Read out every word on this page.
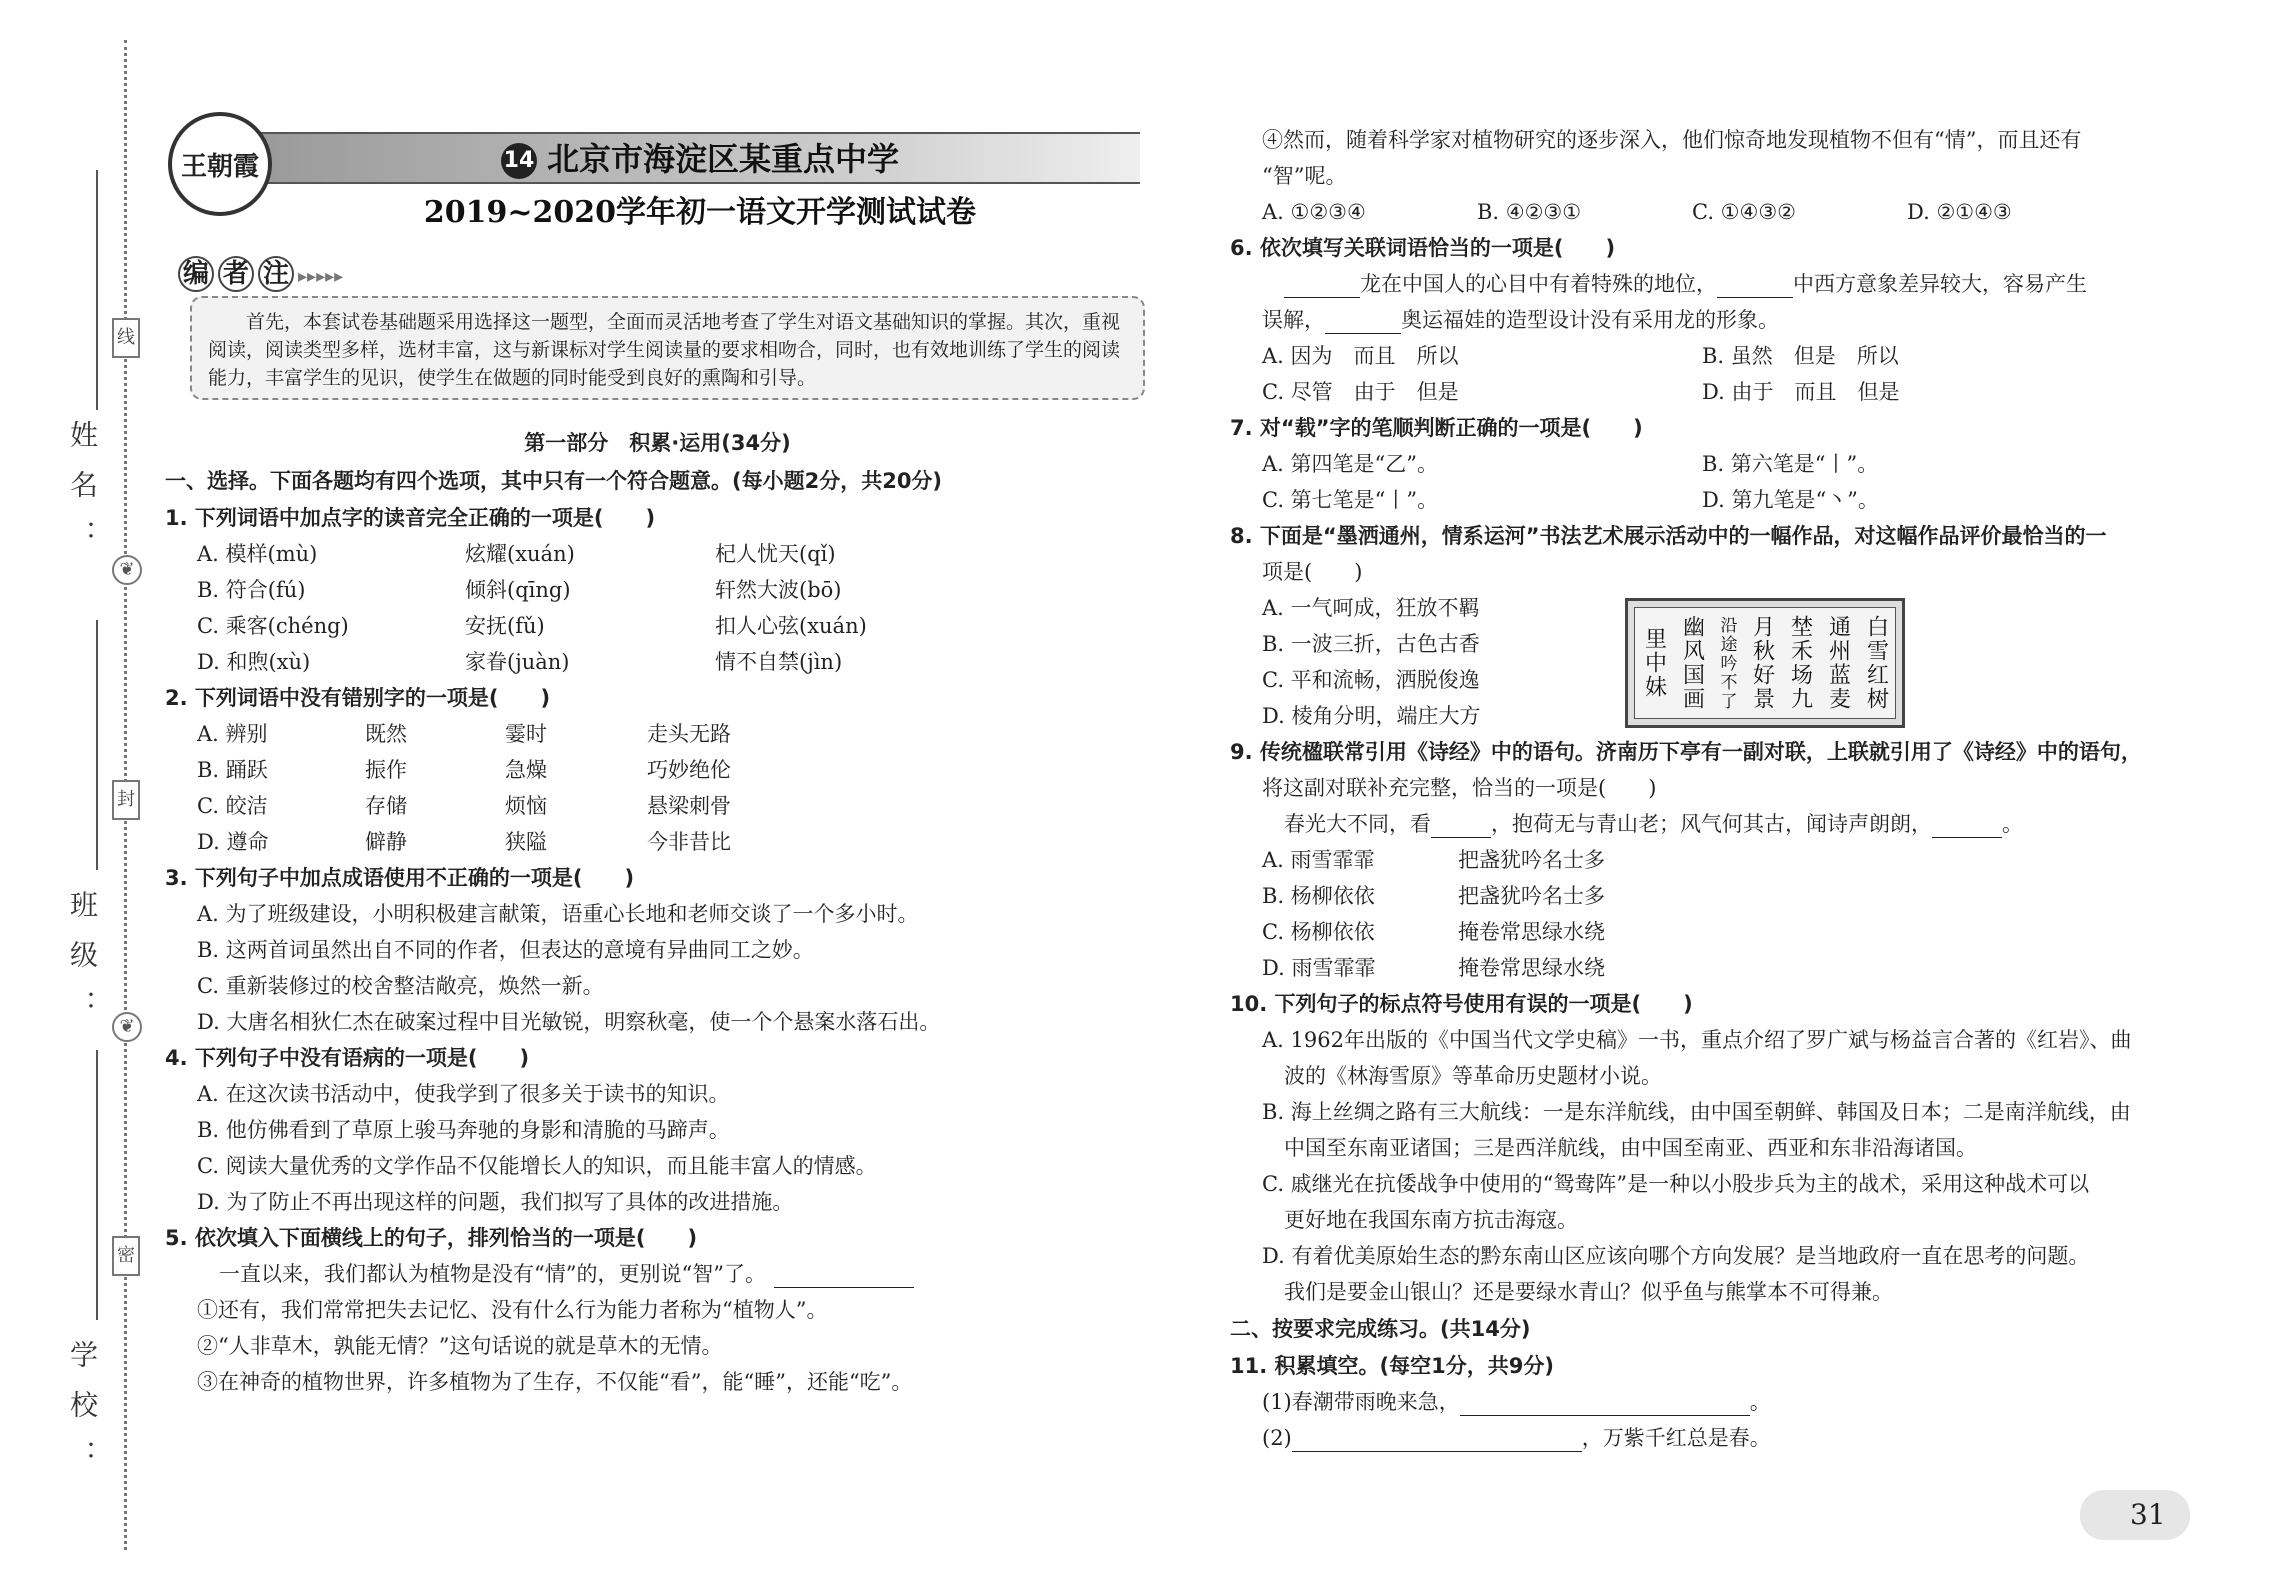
姓名：
班级：
学校：
线
❦
封
❦
密
王朝霞	14 北京市海淀区某重点中学
2019~2020学年初一语文开学测试试卷
编 者 注 ▸▸▸▸▸
首先，本套试卷基础题采用选择这一题型，全面而灵活地考查了学生对语文基础知识的掌握。其次，重视阅读，阅读类型多样，选材丰富，这与新课标对学生阅读量的要求相吻合，同时，也有效地训练了学生的阅读能力，丰富学生的见识，使学生在做题的同时能受到良好的熏陶和引导。
第一部分　积累·运用(34分)
一、选择。下面各题均有四个选项，其中只有一个符合题意。(每小题2分，共20分)
1. 下列词语中加点字的读音完全正确的一项是(　　)
A. 模样(mù)	炫耀(xuán)	杞人忧天(qǐ)
B. 符合(fú)	倾斜(qīng)	轩然大波(bō)
C. 乘客(chéng)	安抚(fǔ)	扣人心弦(xuán)
D. 和煦(xù)	家眷(juàn)	情不自禁(jìn)
2. 下列词语中没有错别字的一项是(　　)
A. 辨别	既然	霎时	走头无路
B. 踊跃	振作	急燥	巧妙绝伦
C. 皎洁	存储	烦恼	悬梁刺骨
D. 遵命	僻静	狭隘	今非昔比
3. 下列句子中加点成语使用不正确的一项是(　　)
A. 为了班级建设，小明积极建言献策，语重心长地和老师交谈了一个多小时。
B. 这两首词虽然出自不同的作者，但表达的意境有异曲同工之妙。
C. 重新装修过的校舍整洁敞亮，焕然一新。
D. 大唐名相狄仁杰在破案过程中目光敏锐，明察秋毫，使一个个悬案水落石出。
4. 下列句子中没有语病的一项是(　　)
A. 在这次读书活动中，使我学到了很多关于读书的知识。
B. 他仿佛看到了草原上骏马奔驰的身影和清脆的马蹄声。
C. 阅读大量优秀的文学作品不仅能增长人的知识，而且能丰富人的情感。
D. 为了防止不再出现这样的问题，我们拟写了具体的改进措施。
5. 依次填入下面横线上的句子，排列恰当的一项是(　　)
一直以来，我们都认为植物是没有“情”的，更别说“智”了。
①还有，我们常常把失去记忆、没有什么行为能力者称为“植物人”。
②“人非草木，孰能无情？”这句话说的就是草木的无情。
③在神奇的植物世界，许多植物为了生存，不仅能“看”，能“睡”，还能“吃”。
④然而，随着科学家对植物研究的逐步深入，他们惊奇地发现植物不但有“情”，而且还有
“智”呢。
A. ①②③④	B. ④②③①	C. ①④③②	D. ②①④③
6. 依次填写关联词语恰当的一项是(　　)
龙在中国人的心目中有着特殊的地位，	中西方意象差异较大，容易产生
误解，	奥运福娃的造型设计没有采用龙的形象。
A. 因为　而且　所以	B. 虽然　但是　所以
C. 尽管　由于　但是	D. 由于　而且　但是
7. 对“载”字的笔顺判断正确的一项是(　　)
A. 第四笔是“乙”。	B. 第六笔是“丨”。
C. 第七笔是“丨”。	D. 第九笔是“丶”。
8. 下面是“墨洒通州，情系运河”书法艺术展示活动中的一幅作品，对这幅作品评价最恰当的一
项是(　　)
A. 一气呵成，狂放不羁
B. 一波三折，古色古香
C. 平和流畅，洒脱俊逸
D. 棱角分明，端庄大方
9. 传统楹联常引用《诗经》中的语句。济南历下亭有一副对联，上联就引用了《诗经》中的语句，
将这副对联补充完整，恰当的一项是(　　)
春光大不同，看	，抱荷无与青山老；风气何其古，闻诗声朗朗，	。
A. 雨雪霏霏	把盏犹吟名士多
B. 杨柳依依	把盏犹吟名士多
C. 杨柳依依	掩卷常思绿水绕
D. 雨雪霏霏	掩卷常思绿水绕
10. 下列句子的标点符号使用有误的一项是(　　)
A. 1962年出版的《中国当代文学史稿》一书，重点介绍了罗广斌与杨益言合著的《红岩》、曲
波的《林海雪原》等革命历史题材小说。
B. 海上丝绸之路有三大航线：一是东洋航线，由中国至朝鲜、韩国及日本；二是南洋航线，由
中国至东南亚诸国；三是西洋航线，由中国至南亚、西亚和东非沿海诸国。
C. 戚继光在抗倭战争中使用的“鸳鸯阵”是一种以小股步兵为主的战术，采用这种战术可以
更好地在我国东南方抗击海寇。
D. 有着优美原始生态的黔东南山区应该向哪个方向发展？是当地政府一直在思考的问题。
我们是要金山银山？还是要绿水青山？似乎鱼与熊掌本不可得兼。
二、按要求完成练习。(共14分)
11. 积累填空。(每空1分，共9分)
(1)春潮带雨晚来急，	。
(2)	，万紫千红总是春。
白雪红树
通州蓝麦
埜禾场九
月秋好景
沿途吟不了
幽风国画
里中妹
31
